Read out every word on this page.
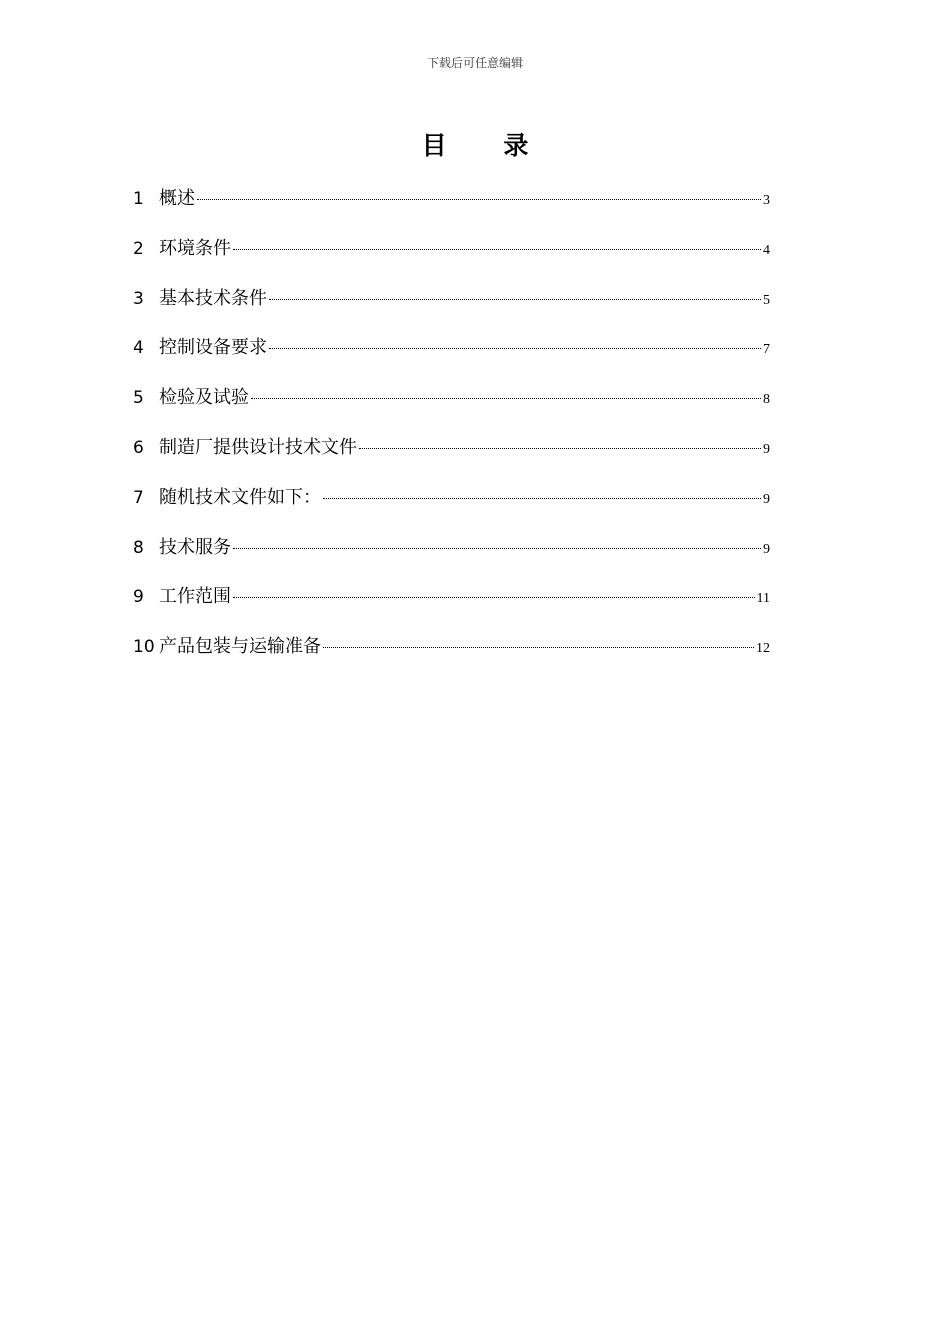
下载后可任意编辑
目 录
1 概述	3
2 环境条件	4
3 基本技术条件	5
4 控制设备要求	7
5 检验及试验	8
6 制造厂提供设计技术文件	9
7 随机技术文件如下：	9
8 技术服务	9
9 工作范围	11
10 产品包装与运输准备	12
